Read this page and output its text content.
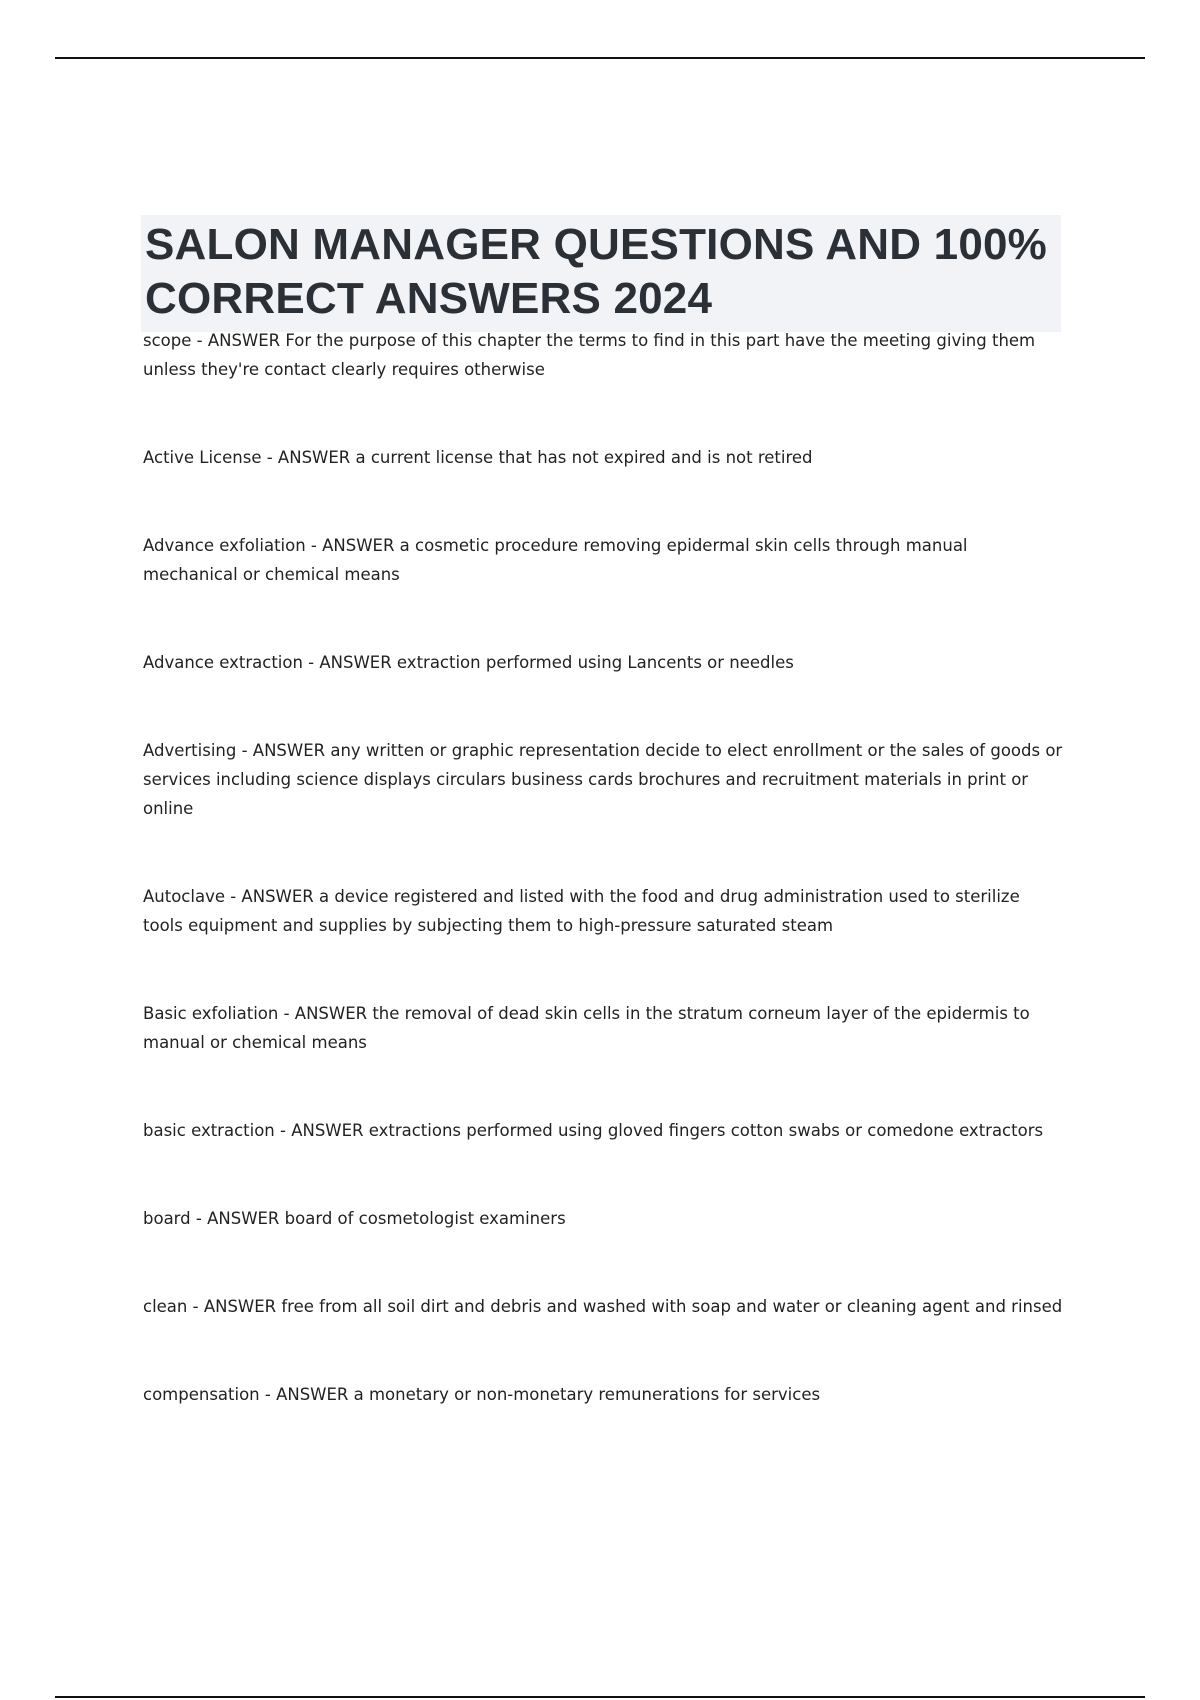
SALON MANAGER QUESTIONS AND 100% CORRECT ANSWERS 2024

scope - ANSWER For the purpose of this chapter the terms to find in this part have the meeting giving them unless they're contact clearly requires otherwise

Active License - ANSWER a current license that has not expired and is not retired

Advance exfoliation - ANSWER a cosmetic procedure removing epidermal skin cells through manual mechanical or chemical means

Advance extraction - ANSWER extraction performed using Lancents or needles

Advertising - ANSWER any written or graphic representation decide to elect enrollment or the sales of goods or services including science displays circulars business cards brochures and recruitment materials in print or online

Autoclave - ANSWER a device registered and listed with the food and drug administration used to sterilize tools equipment and supplies by subjecting them to high-pressure saturated steam

Basic exfoliation - ANSWER the removal of dead skin cells in the stratum corneum layer of the epidermis to manual or chemical means

basic extraction - ANSWER extractions performed using gloved fingers cotton swabs or comedone extractors

board - ANSWER board of cosmetologist examiners

clean - ANSWER free from all soil dirt and debris and washed with soap and water or cleaning agent and rinsed

compensation - ANSWER a monetary or non-monetary remunerations for services
